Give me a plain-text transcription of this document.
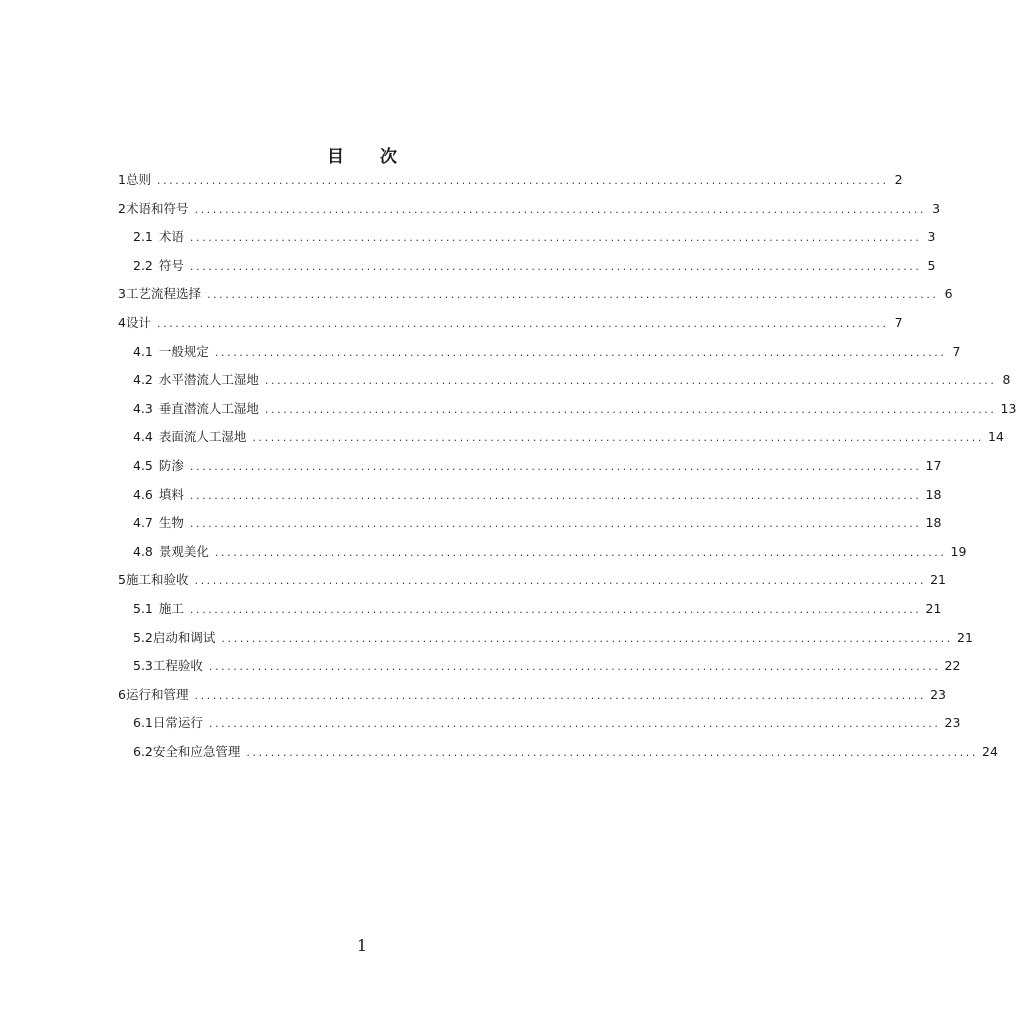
目 次
1 总则 ........................................................................................................................ 2
2 术语和符号 ........................................................................................................................ 3
2.1 术语 ........................................................................................................................ 3
2.2 符号 ........................................................................................................................ 5
3 工艺流程选择 ........................................................................................................................ 6
4 设计 ........................................................................................................................ 7
4.1 一般规定 ........................................................................................................................ 7
4.2 水平潜流人工湿地 ........................................................................................................................ 8
4.3 垂直潜流人工湿地 ........................................................................................................................ 13
4.4 表面流人工湿地 ........................................................................................................................ 14
4.5 防渗 ........................................................................................................................ 17
4.6 填料 ........................................................................................................................ 18
4.7 生物 ........................................................................................................................ 18
4.8 景观美化 ........................................................................................................................ 19
5 施工和验收 ........................................................................................................................ 21
5.1 施工 ........................................................................................................................ 21
5.2 启动和调试 ........................................................................................................................ 21
5.3 工程验收 ........................................................................................................................ 22
6 运行和管理 ........................................................................................................................ 23
6.1 日常运行 ........................................................................................................................ 23
6.2 安全和应急管理 ........................................................................................................................ 24
1
